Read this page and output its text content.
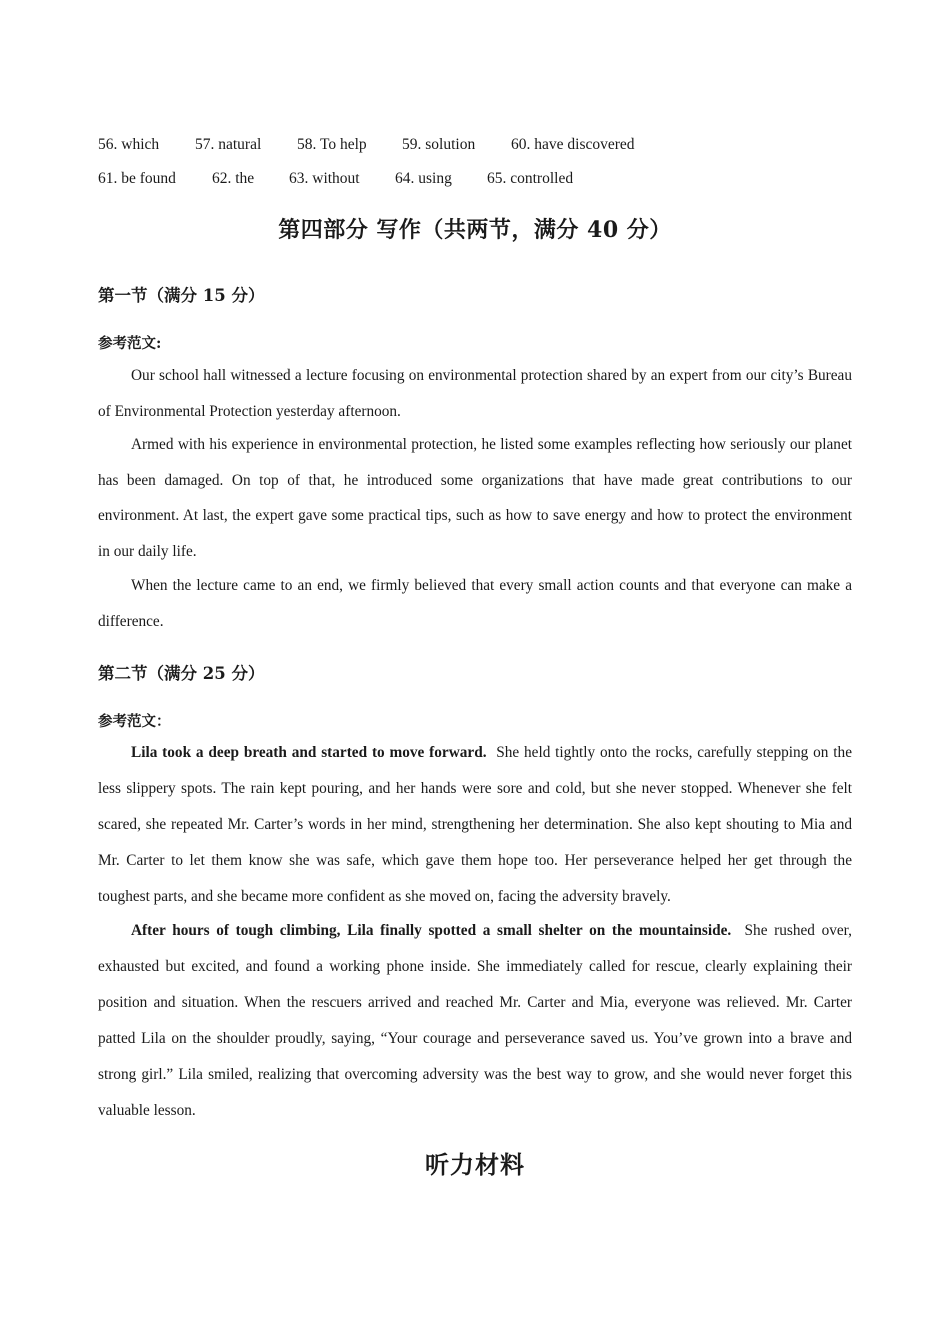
56. which 57. natural 58. To help 59. solution 60. have discovered
61. be found 62. the 63. without 64. using 65. controlled
第四部分 写作（共两节，满分 40 分）
第一节（满分 15 分）
参考范文:

Our school hall witnessed a lecture focusing on environmental protection shared by an expert from our city’s Bureau of Environmental Protection yesterday afternoon.

Armed with his experience in environmental protection, he listed some examples reflecting how seriously our planet has been damaged. On top of that, he introduced some organizations that have made great contributions to our environment. At last, the expert gave some practical tips, such as how to save energy and how to protect the environment in our daily life.

When the lecture came to an end, we firmly believed that every small action counts and that everyone can make a difference.

第二节（满分 25 分）
参考范文：

Lila took a deep breath and started to move forward. She held tightly onto the rocks, carefully stepping on the less slippery spots. The rain kept pouring, and her hands were sore and cold, but she never stopped. Whenever she felt scared, she repeated Mr. Carter’s words in her mind, strengthening her determination. She also kept shouting to Mia and Mr. Carter to let them know she was safe, which gave them hope too. Her perseverance helped her get through the toughest parts, and she became more confident as she moved on, facing the adversity bravely.

After hours of tough climbing, Lila finally spotted a small shelter on the mountainside. She rushed over, exhausted but excited, and found a working phone inside. She immediately called for rescue, clearly explaining their position and situation. When the rescuers arrived and reached Mr. Carter and Mia, everyone was relieved. Mr. Carter patted Lila on the shoulder proudly, saying, “Your courage and perseverance saved us. You’ve grown into a brave and strong girl.” Lila smiled, realizing that overcoming adversity was the best way to grow, and she would never forget this valuable lesson.

听力材料
